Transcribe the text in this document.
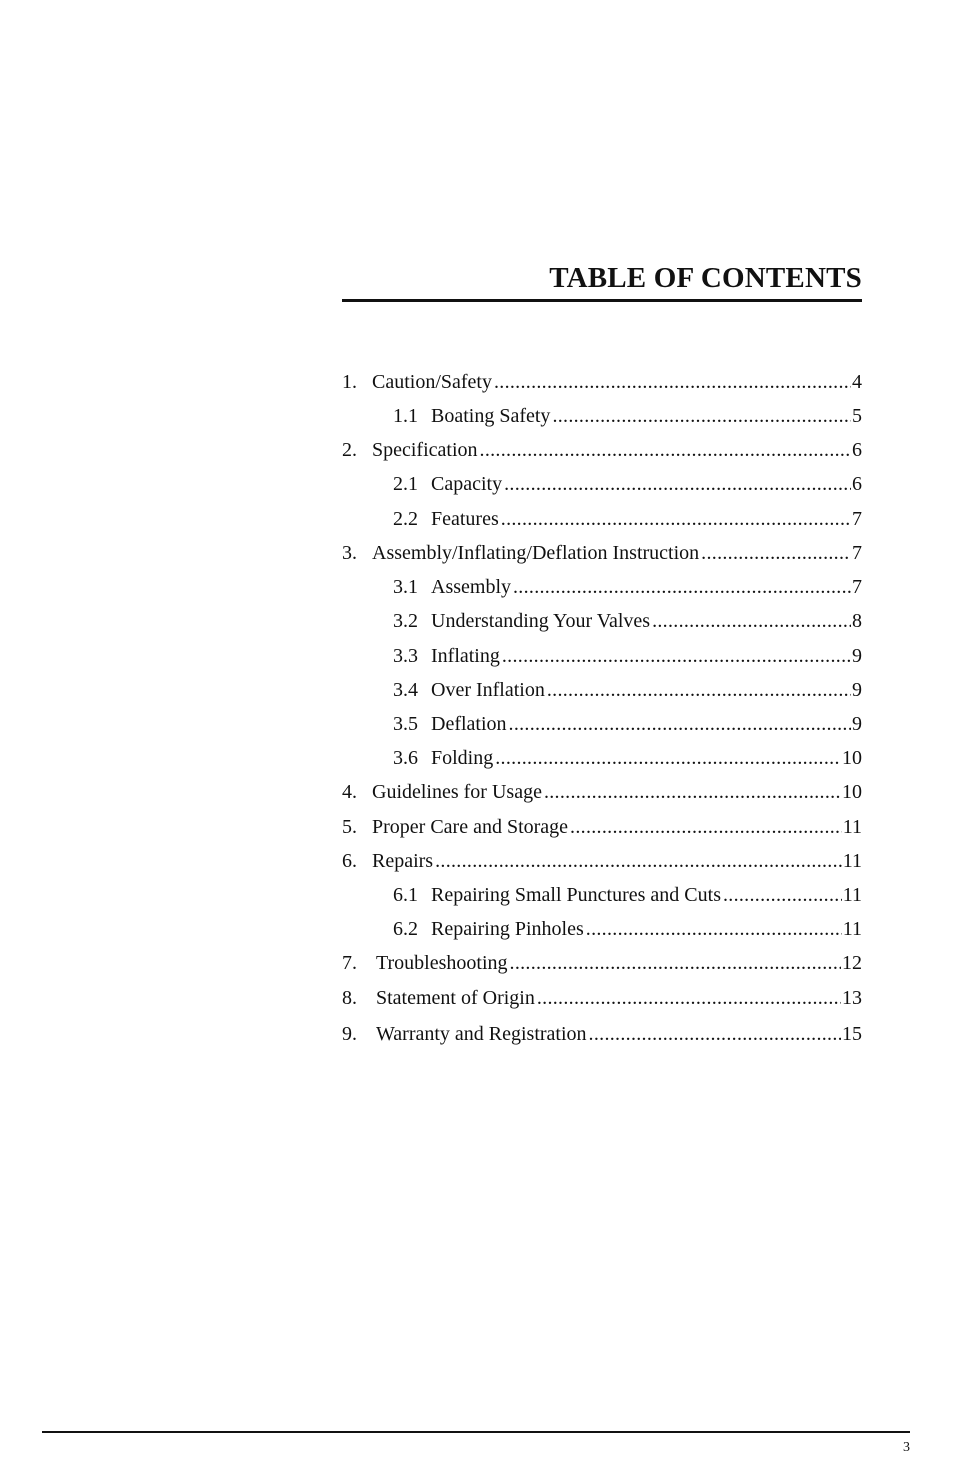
TABLE OF CONTENTS
1. Caution/Safety .....	4
1.1 Boating Safety .....	5
2. Specification .....	6
2.1 Capacity .....	6
2.2 Features .....	7
3. Assembly/Inflating/Deflation Instruction .....	7
3.1 Assembly .....	7
3.2 Understanding Your Valves .....	8
3.3 Inflating .....	9
3.4 Over Inflation .....	9
3.5 Deflation .....	9
3.6 Folding .....	10
4. Guidelines for Usage .....	10
5. Proper Care and Storage .....	11
6. Repairs .....	11
6.1 Repairing Small Punctures and Cuts .....	11
6.2 Repairing Pinholes .....	11
7. Troubleshooting .....	12
8. Statement of Origin .....	13
9. Warranty and Registration .....	15
3
